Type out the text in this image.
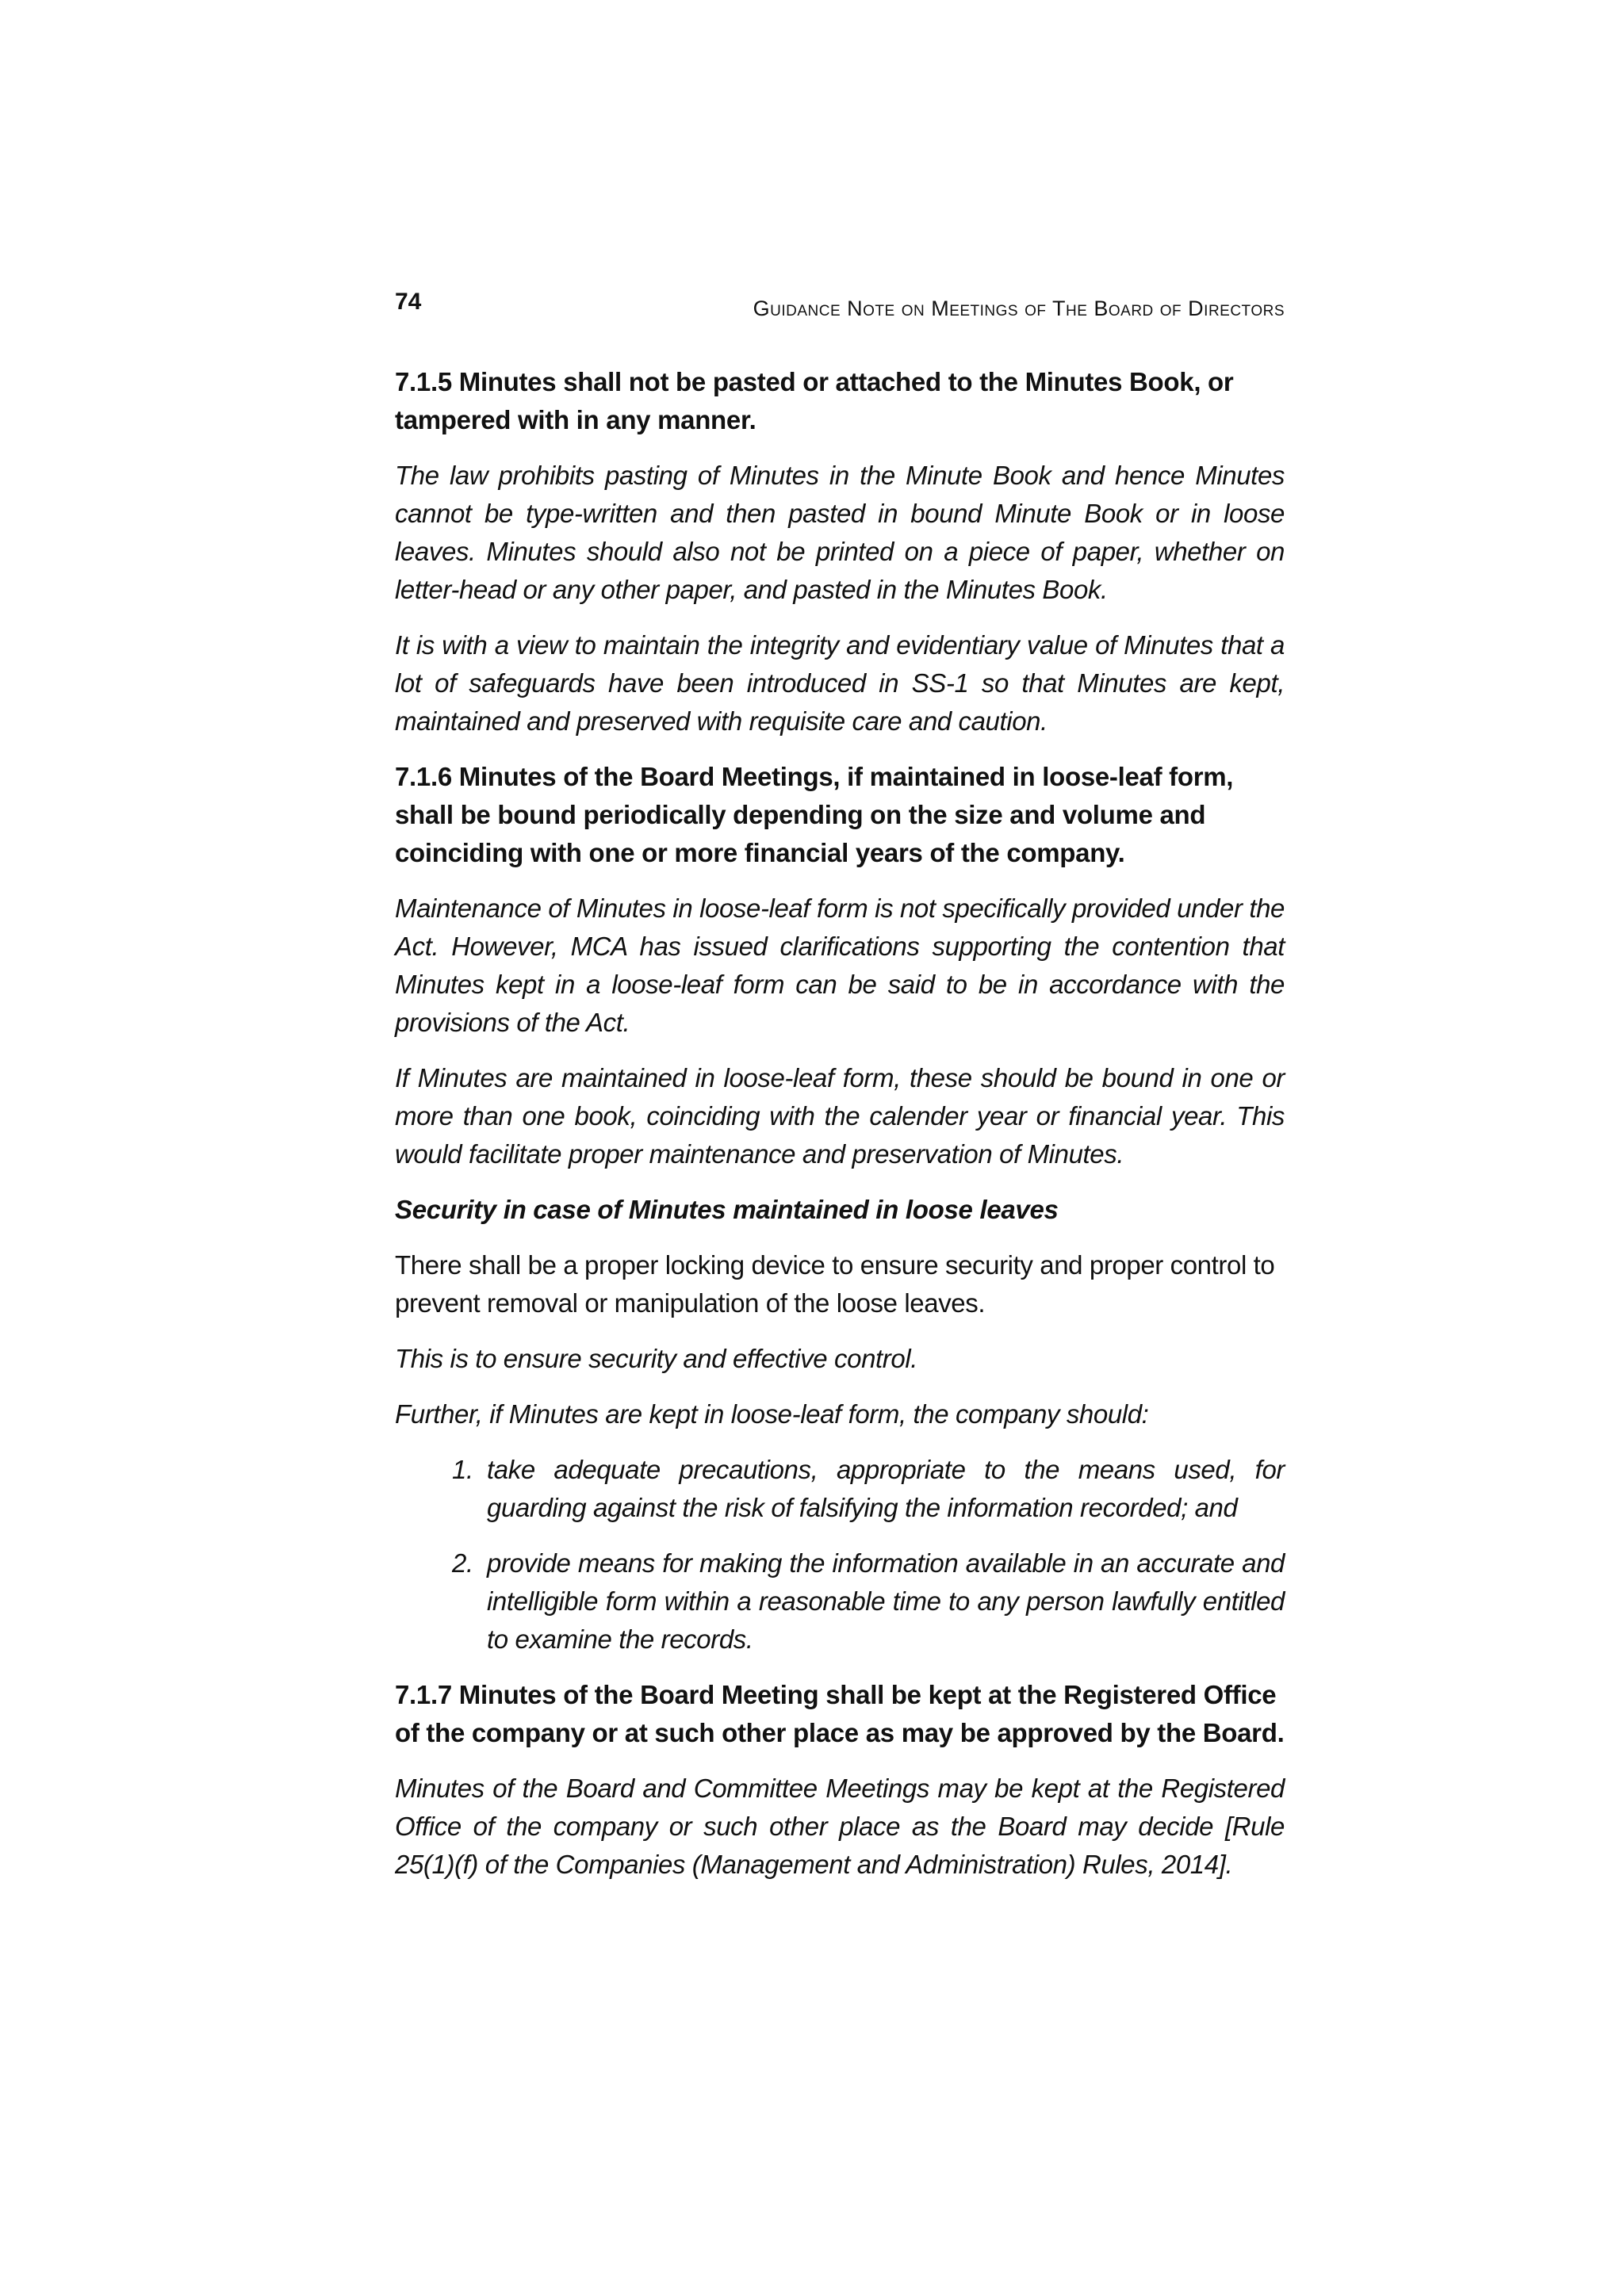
74	Guidance Note on Meetings of The Board of Directors

7.1.5 Minutes shall not be pasted or attached to the Minutes Book, or tampered with in any manner.

The law prohibits pasting of Minutes in the Minute Book and hence Minutes cannot be type-written and then pasted in bound Minute Book or in loose leaves. Minutes should also not be printed on a piece of paper, whether on letter-head or any other paper, and pasted in the Minutes Book.

It is with a view to maintain the integrity and evidentiary value of Minutes that a lot of safeguards have been introduced in SS-1 so that Minutes are kept, maintained and preserved with requisite care and caution.

7.1.6 Minutes of the Board Meetings, if maintained in loose-leaf form, shall be bound periodically depending on the size and volume and coinciding with one or more financial years of the company.

Maintenance of Minutes in loose-leaf form is not specifically provided under the Act. However, MCA has issued clarifications supporting the contention that Minutes kept in a loose-leaf form can be said to be in accordance with the provisions of the Act.

If Minutes are maintained in loose-leaf form, these should be bound in one or more than one book, coinciding with the calender year or financial year. This would facilitate proper maintenance and preservation of Minutes.

Security in case of Minutes maintained in loose leaves

There shall be a proper locking device to ensure security and proper control to prevent removal or manipulation of the loose leaves.

This is to ensure security and effective control.

Further, if Minutes are kept in loose-leaf form, the company should:

1. take adequate precautions, appropriate to the means used, for guarding against the risk of falsifying the information recorded; and
2. provide means for making the information available in an accurate and intelligible form within a reasonable time to any person lawfully entitled to examine the records.

7.1.7 Minutes of the Board Meeting shall be kept at the Registered Office of the company or at such other place as may be approved by the Board.

Minutes of the Board and Committee Meetings may be kept at the Registered Office of the company or such other place as the Board may decide [Rule 25(1)(f) of the Companies (Management and Administration) Rules, 2014].
